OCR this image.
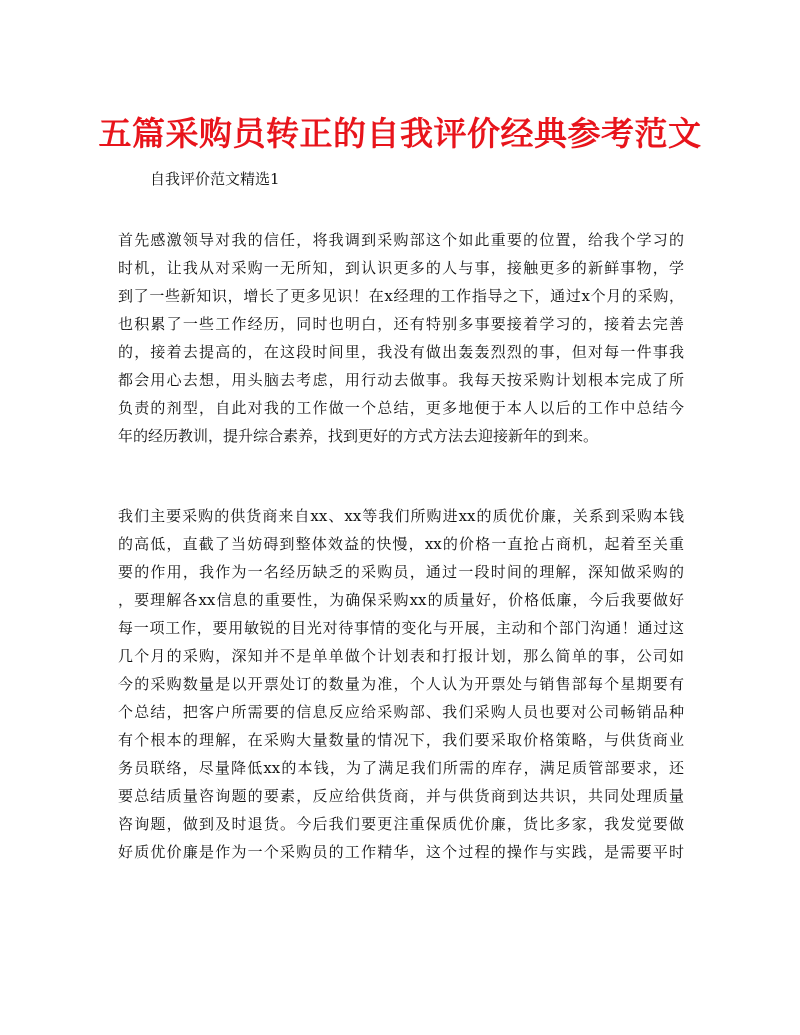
五篇采购员转正的自我评价经典参考范文
自我评价范文精选1
首先感激领导对我的信任，将我调到采购部这个如此重要的位置，给我个学习的
时机，让我从对采购一无所知，到认识更多的人与事，接触更多的新鲜事物，学
到了一些新知识，增长了更多见识！在x经理的工作指导之下，通过x个月的采购，
也积累了一些工作经历，同时也明白，还有特别多事要接着学习的，接着去完善
的，接着去提高的，在这段时间里，我没有做出轰轰烈烈的事，但对每一件事我
都会用心去想，用头脑去考虑，用行动去做事。我每天按采购计划根本完成了所
负责的剂型，自此对我的工作做一个总结，更多地便于本人以后的工作中总结今
年的经历教训，提升综合素养，找到更好的方式方法去迎接新年的到来。
我们主要采购的供货商来自xx、xx等我们所购进xx的质优价廉，关系到采购本钱
的高低，直截了当妨碍到整体效益的快慢，xx的价格一直抢占商机，起着至关重
要的作用，我作为一名经历缺乏的采购员，通过一段时间的理解，深知做采购的
，要理解各xx信息的重要性，为确保采购xx的质量好，价格低廉，今后我要做好
每一项工作，要用敏锐的目光对待事情的变化与开展，主动和个部门沟通！通过这
几个月的采购，深知并不是单单做个计划表和打报计划，那么简单的事，公司如
今的采购数量是以开票处订的数量为准，个人认为开票处与销售部每个星期要有
个总结，把客户所需要的信息反应给采购部、我们采购人员也要对公司畅销品种
有个根本的理解，在采购大量数量的情况下，我们要采取价格策略，与供货商业
务员联络，尽量降低xx的本钱，为了满足我们所需的库存，满足质管部要求，还
要总结质量咨询题的要素，反应给供货商，并与供货商到达共识，共同处理质量
咨询题，做到及时退货。今后我们要更注重保质优价廉，货比多家，我发觉要做
好质优价廉是作为一个采购员的工作精华，这个过程的操作与实践，是需要平时
